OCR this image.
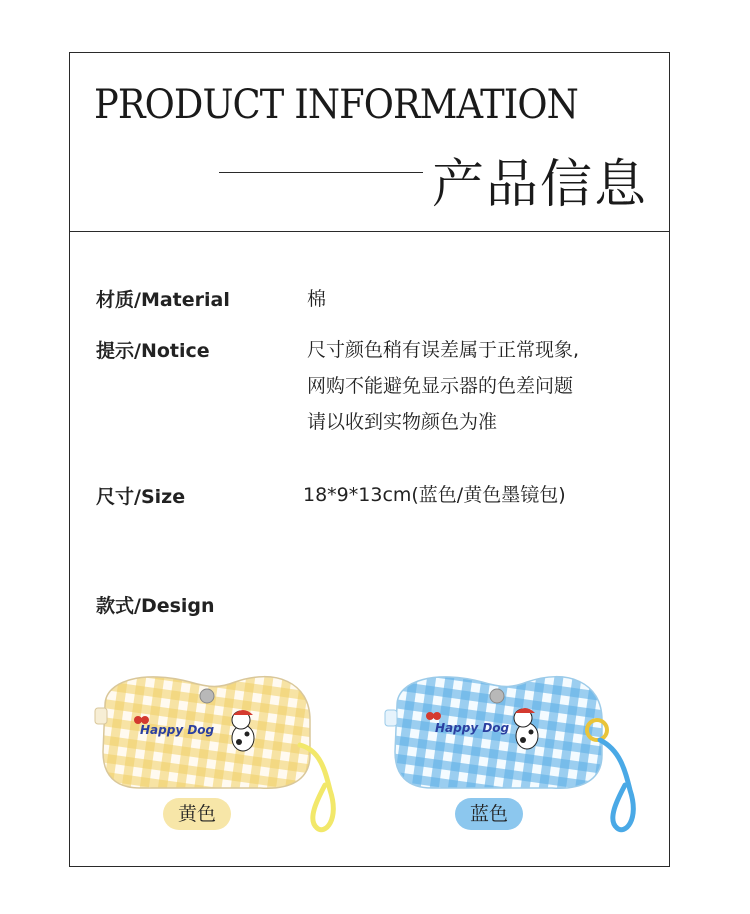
PRODUCT INFORMATION
产品信息
材质/Material	棉
提示/Notice	尺寸颜色稍有误差属于正常现象,
网购不能避免显示器的色差问题
请以收到实物颜色为准
尺寸/Size	18*9*13cm(蓝色/黄色墨镜包)
款式/Design
Happy Dog
黄色
Happy Dog
蓝色
